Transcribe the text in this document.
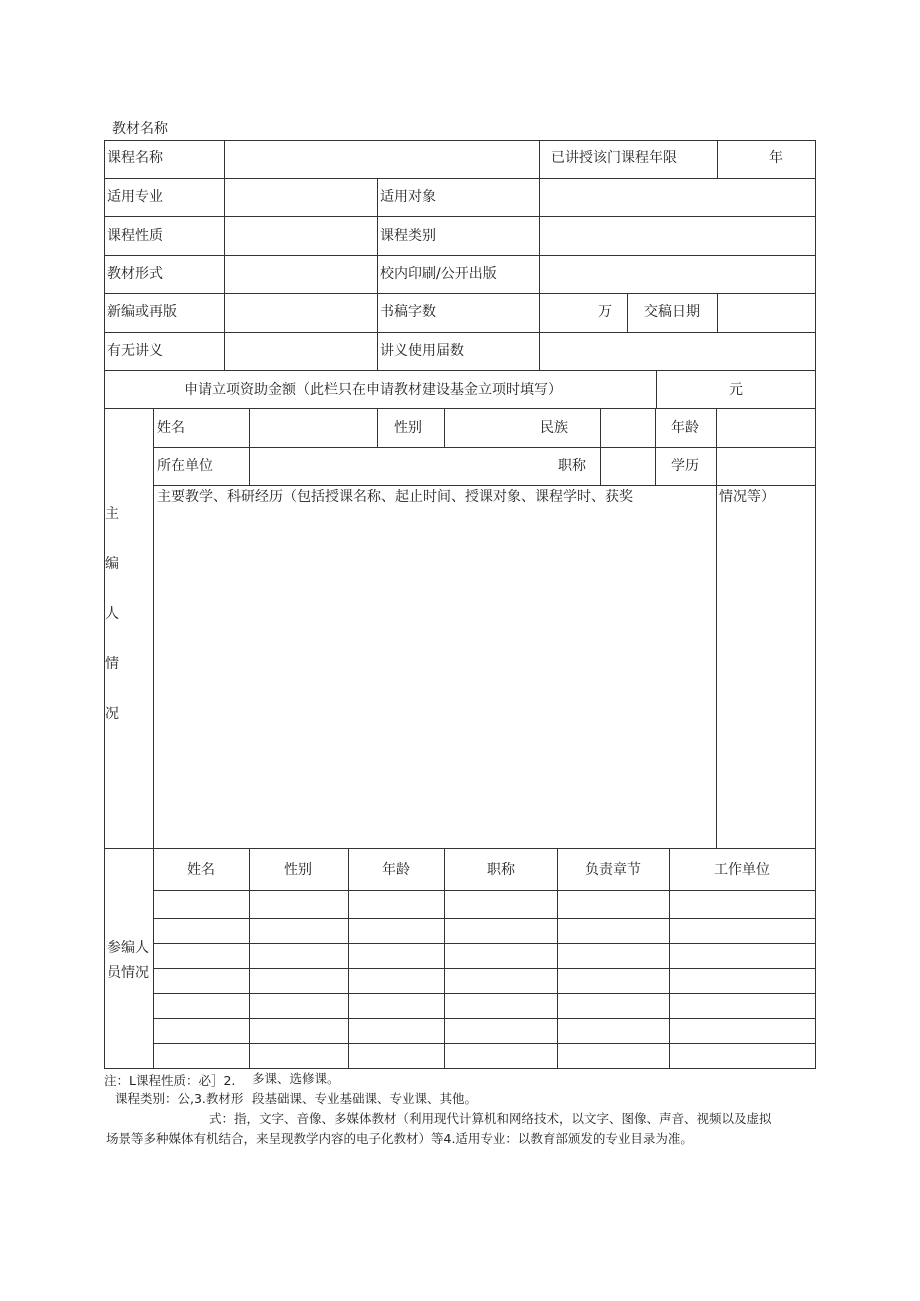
教材名称
课程名称	已讲授该门课程年限	年
适用专业	适用对象
课程性质	课程类别
教材形式	校内印刷/公开出版
新编或再版	书稿字数	万 交稿日期
有无讲义	讲义使用届数
申请立项资助金额（此栏只在申请教材建设基金立项时填写）	元
主
编
人
情
况
姓名	性别	民族	年龄
所在单位	职称	学历
主要教学、科研经历（包括授课名称、起止时间、授课对象、课程学时、获奖	情况等）
参编人
员情况
姓名	性别	年龄	职称	负责章节	工作单位
注：L课程性质：必］2. 多课、选修课。
课程类别：公,3.教材形 段基础课、专业基础课、专业课、其他。
式：指，文字、音像、多媒体教材（利用现代计算机和网络技术，以文字、图像、声音、视频以及虚拟
场景等多种媒体有机结合，来呈现教学内容的电子化教材）等4.适用专业：以教育部颁发的专业目录为准。
